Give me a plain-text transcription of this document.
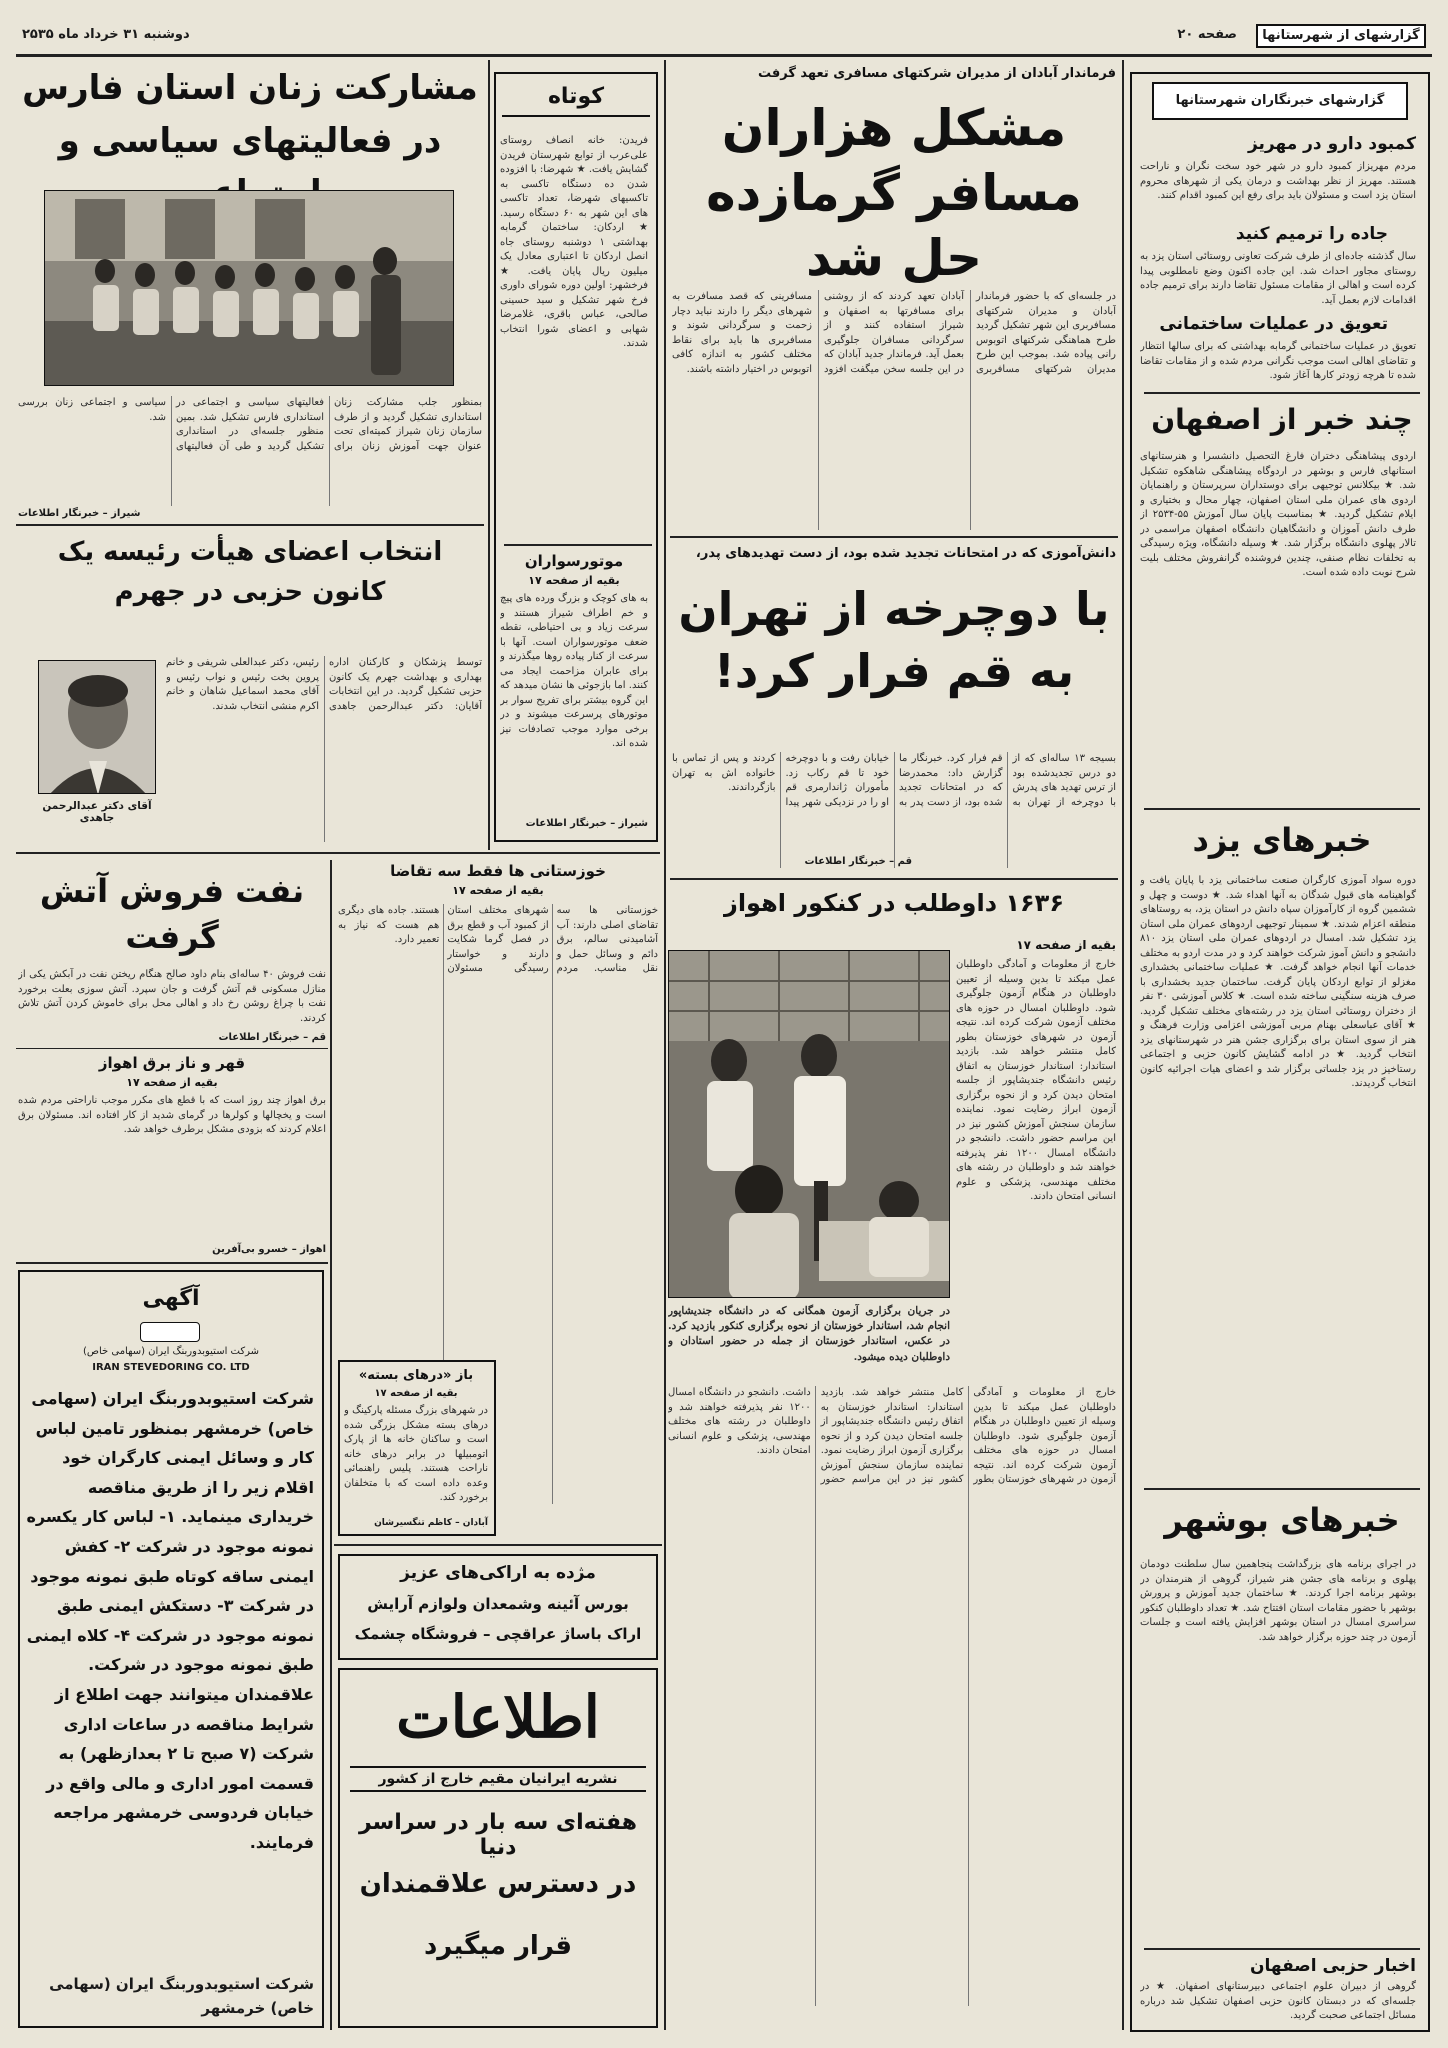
گزارشهای از شهرستانها
صفحه ۲۰
دوشنبه ۳۱ خرداد ماه ۲۵۳۵
گزارشهای خبرنگاران شهرستانها
کمبود دارو در مهریز
مردم مهریزاز کمبود دارو در شهر خود سخت نگران و ناراحت هستند. مهریز از نظر بهداشت و درمان یکی از شهرهای محروم استان یزد است و مسئولان باید برای رفع این کمبود اقدام کنند.
جاده را ترمیم کنید
سال گذشته جاده‌ای از طرف شرکت تعاونی روستائی استان یزد به روستای مجاور احداث شد. این جاده اکنون وضع نامطلوبی پیدا کرده است و اهالی از مقامات مسئول تقاضا دارند برای ترمیم جاده اقدامات لازم بعمل آید.
تعویق در عملیات ساختمانی
تعویق در عملیات ساختمانی گرمابه بهداشتی که برای سالها انتظار و تقاضای اهالی است موجب نگرانی مردم شده و از مقامات تقاضا شده تا هرچه زودتر کارها آغاز شود.
چند خبر از اصفهان
اردوی پیشاهنگی دختران فارغ التحصیل دانشسرا و هنرستانهای استانهای فارس و بوشهر در اردوگاه پیشاهنگی شاهکوه تشکیل شد. ★ بیکلانس توجیهی برای دوستداران سرپرستان و راهنمایان اردوی های عمران ملی استان اصفهان، چهار محال و بختیاری و ایلام تشکیل گردید. ★ بمناسبت پایان سال آموزش ۵۵-۲۵۳۴ از طرف دانش آموزان و دانشگاهیان دانشگاه اصفهان مراسمی در تالار پهلوی دانشگاه برگزار شد. ★ وسیله دانشگاه، ویژه رسیدگی به تخلفات نظام صنفی، چندین فروشنده گرانفروش مختلف بلیت شرح نوبت داده شده است.
خبرهای یزد
دوره سواد آموزی کارگران صنعت ساختمانی یزد با پایان یافت و گواهینامه های قبول شدگان به آنها اهداء شد. ★ دوست و چهل و ششمین گروه از کارآموزان سپاه دانش در استان یزد، به روستاهای منطقه اعزام شدند. ★ سمینار توجیهی اردوهای عمران ملی استان یزد تشکیل شد. امسال در اردوهای عمران ملی استان یزد ۸۱۰ دانشجو و دانش آموز شرکت خواهند کرد و در مدت اردو به مختلف خدمات آنها انجام خواهد گرفت. ★ عملیات ساختمانی بخشداری مغزلو از توابع اردکان پایان گرفت. ساختمان جدید بخشداری با صرف هزینه سنگینی ساخته شده است. ★ کلاس آموزشی ۳۰ نفر از دختران روستائی استان یزد در رشته‌های مختلف تشکیل گردید. ★ آقای عباسعلی بهنام مربی آموزشی اعزامی وزارت فرهنگ و هنر از سوی استان برای برگزاری جشن هنر در شهرستانهای یزد انتخاب گردید. ★ در ادامه گشایش کانون حزبی و اجتماعی رستاخیز در یزد جلساتی برگزار شد و اعضای هیات اجرائیه کانون انتخاب گردیدند.
خبرهای بوشهر
در اجرای برنامه های بزرگداشت پنجاهمین سال سلطنت دودمان پهلوی و برنامه های جشن هنر شیراز، گروهی از هنرمندان در بوشهر برنامه اجرا کردند. ★ ساختمان جدید آموزش و پرورش بوشهر با حضور مقامات استان افتتاح شد. ★ تعداد داوطلبان کنکور سراسری امسال در استان بوشهر افزایش یافته است و جلسات آزمون در چند حوزه برگزار خواهد شد.
اخبار حزبی اصفهان
گروهی از دبیران علوم اجتماعی دبیرستانهای اصفهان. ★ در جلسه‌ای که در دبستان کانون حزبی اصفهان تشکیل شد درباره مسائل اجتماعی صحبت گردید.
فرماندار آبادان از مدیران شرکتهای مسافری تعهد گرفت
مشکل هزاران مسافر گرمازده حل شد
در جلسه‌ای که با حضور فرماندار آبادان و مدیران شرکتهای مسافربری این شهر تشکیل گردید طرح هماهنگی شرکتهای اتوبوس رانی پیاده شد. بموجب این طرح مدیران شرکتهای مسافربری آبادان تعهد کردند که از روشنی برای مسافرتها به اصفهان و شیراز استفاده کنند و از سرگردانی مسافران جلوگیری بعمل آید. فرماندار جدید آبادان که در این جلسه سخن میگفت افزود مسافرینی که قصد مسافرت به شهرهای دیگر را دارند نباید دچار زحمت و سرگردانی شوند و مسافربری ها باید برای نقاط مختلف کشور به اندازه کافی اتوبوس در اختیار داشته باشند.
دانش‌آموزی که در امتحانات تجدید شده بود، از دست تهدیدهای پدر،
با دوچرخه از تهران به قم فرار کرد!
بسیجه ۱۳ ساله‌ای که از دو درس تجدیدشده بود از ترس تهدید های پدرش با دوچرخه از تهران به قم فرار کرد. خبرنگار ما گزارش داد: محمدرضا که در امتحانات تجدید شده بود، از دست پدر به خیابان رفت و با دوچرخه خود تا قم رکاب زد. مأموران ژاندارمری قم او را در نزدیکی شهر پیدا کردند و پس از تماس با خانواده اش به تهران بازگرداندند.
قم – خبرنگار اطلاعات
۱۶۳۶ داوطلب در کنکور اهواز
بقیه از صفحه ۱۷
خارج از معلومات و آمادگی داوطلبان عمل میکند تا بدین وسیله از تعیین داوطلبان در هنگام آزمون جلوگیری شود. داوطلبان امسال در حوزه های مختلف آزمون شرکت کرده اند. نتیجه آزمون در شهرهای خوزستان بطور کامل منتشر خواهد شد. بازدید استاندار: استاندار خوزستان به اتفاق رئیس دانشگاه جندیشاپور از جلسه امتحان دیدن کرد و از نحوه برگزاری آزمون ابراز رضایت نمود. نماینده سازمان سنجش آموزش کشور نیز در این مراسم حضور داشت. دانشجو در دانشگاه امسال ۱۲۰۰ نفر پذیرفته خواهند شد و داوطلبان در رشته های مختلف مهندسی، پزشکی و علوم انسانی امتحان دادند.
در جریان برگزاری آزمون همگانی که در دانشگاه جندیشاپور انجام شد، استاندار خوزستان از نحوه برگزاری کنکور بازدید کرد. در عکس، استاندار خوزستان از جمله در حضور استادان و داوطلبان دیده میشود.
خارج از معلومات و آمادگی داوطلبان عمل میکند تا بدین وسیله از تعیین داوطلبان در هنگام آزمون جلوگیری شود. داوطلبان امسال در حوزه های مختلف آزمون شرکت کرده اند. نتیجه آزمون در شهرهای خوزستان بطور کامل منتشر خواهد شد. بازدید استاندار: استاندار خوزستان به اتفاق رئیس دانشگاه جندیشاپور از جلسه امتحان دیدن کرد و از نحوه برگزاری آزمون ابراز رضایت نمود. نماینده سازمان سنجش آموزش کشور نیز در این مراسم حضور داشت. دانشجو در دانشگاه امسال ۱۲۰۰ نفر پذیرفته خواهند شد و داوطلبان در رشته های مختلف مهندسی، پزشکی و علوم انسانی امتحان دادند.
کوتاه
فریدن: خانه انصاف روستای علی‌عرب از توابع شهرستان فریدن گشایش یافت. ★ شهرضا: با افزوده شدن ده دستگاه تاکسی به تاکسیهای شهرضا، تعداد تاکسی های این شهر به ۶۰ دستگاه رسید. ★ اردکان: ساختمان گرمابه بهداشتی ۱ دوشنبه روستای جاه انصل اردکان تا اعتباری معادل یک میلیون ریال پایان یافت. ★ فرخشهر: اولین دوره شورای داوری فرخ شهر تشکیل و سید حسینی صالحی، عباس باقری، غلامرضا شهابی و اعضای شورا انتخاب شدند.
موتورسواران
بقیه از صفحه ۱۷
به های کوچک و بزرگ ورده های پیچ و خم اطراف شیراز هستند و سرعت زیاد و بی احتیاطی، نقطه ضعف موتورسواران است. آنها با سرعت از کنار پیاده روها میگذرند و برای عابران مزاحمت ایجاد می کنند. اما بازجوئی ها نشان میدهد که این گروه بیشتر برای تفریح سوار بر موتورهای پرسرعت میشوند و در برخی موارد موجب تصادفات نیز شده اند.
شیراز – خبرنگار اطلاعات
مشارکت زنان استان فارس در فعالیتهای سیاسی و
بمنظور جلب مشارکت زنان استانداری تشکیل گردید و از طرف سازمان زنان شیراز کمیته‌ای تحت عنوان جهت آموزش زنان برای فعالیتهای سیاسی و اجتماعی در استانداری فارس تشکیل شد. بمین منظور جلسه‌ای در استانداری تشکیل گردید و طی آن فعالیتهای سیاسی و اجتماعی زنان بررسی شد.
شیراز – خبرنگار اطلاعات
انتخاب اعضای هیأت رئیسه یک کانون حزبی در جهرم
آقای دکتر عبدالرحمن جاهدی
توسط پزشکان و کارکنان اداره بهداری و بهداشت جهرم یک کانون حزبی تشکیل گردید. در این انتخابات آقایان: دکتر عبدالرحمن جاهدی رئیس، دکتر عبدالعلی شریفی و خانم پروین بخت رئیس و نواب رئیس و آقای محمد اسماعیل شاهان و خانم اکرم منشی انتخاب شدند.
نفت فروش آتش گرفت
نفت فروش ۴۰ ساله‌ای بنام داود صالح هنگام ریختن نفت در آبکش یکی از منازل مسکونی قم آتش گرفت و جان سپرد. آتش سوزی بعلت برخورد نفت با چراغ روشن رخ داد و اهالی محل برای خاموش کردن آتش تلاش کردند.
قم – خبرنگار اطلاعات
قهر و ناز برق اهواز
بقیه از صفحه ۱۷
برق اهواز چند روز است که با قطع های مکرر موجب ناراحتی مردم شده است و یخچالها و کولرها در گرمای شدید از کار افتاده اند. مسئولان برق اعلام کردند که بزودی مشکل برطرف خواهد شد.
اهواز – خسرو بی‌آفرین
آگهی
شرکت استیوبدوربنگ ایران (سهامی خاص)
IRAN STEVEDORING CO. LTD
شرکت استیوبدوربنگ ایران (سهامی خاص) خرمشهر بمنظور تامین لباس کار و وسائل ایمنی کارگران خود اقلام زیر را از طریق مناقصه خریداری مینماید. ۱- لباس کار یکسره نمونه موجود در شرکت ۲- کفش ایمنی ساقه کوتاه طبق نمونه موجود در شرکت ۳- دستکش ایمنی طبق نمونه موجود در شرکت ۴- کلاه ایمنی طبق نمونه موجود در شرکت. علاقمندان میتوانند جهت اطلاع از شرایط مناقصه در ساعات اداری شرکت (۷ صبح تا ۲ بعدازظهر) به قسمت امور اداری و مالی واقع در خیابان فردوسی خرمشهر مراجعه فرمایند.
شرکت استیوبدوربنگ ایران (سهامی خاص) خرمشهر
خوزستانی ها فقط سه تقاضا
بقیه از صفحه ۱۷
خوزستانی ها سه تقاضای اصلی دارند: آب آشامیدنی سالم، برق دائم و وسائل حمل و نقل مناسب. مردم شهرهای مختلف استان از کمبود آب و قطع برق در فصل گرما شکایت دارند و خواستار رسیدگی مسئولان هستند. جاده های دیگری هم هست که نیاز به تعمیر دارد.
باز «درهای بسته»
بقیه از صفحه ۱۷
در شهرهای بزرگ مسئله پارکینگ و درهای بسته مشکل بزرگی شده است و ساکنان خانه ها از پارک اتومبیلها در برابر درهای خانه ناراحت هستند. پلیس راهنمائی وعده داده است که با متخلفان برخورد کند.
آبادان – کاظم تنگسیرشان
مژده به اراکی‌های عزیز
بورس آئینه وشمعدان ولوازم آرایش
اراک باساژ عراقچی – فروشگاه چشمک
اطلاعات
نشریه ایرانیان مقیم خارج از کشور
هفته‌ای سه بار در سراسر دنیا
در دسترس علاقمندان
قرار میگیرد
